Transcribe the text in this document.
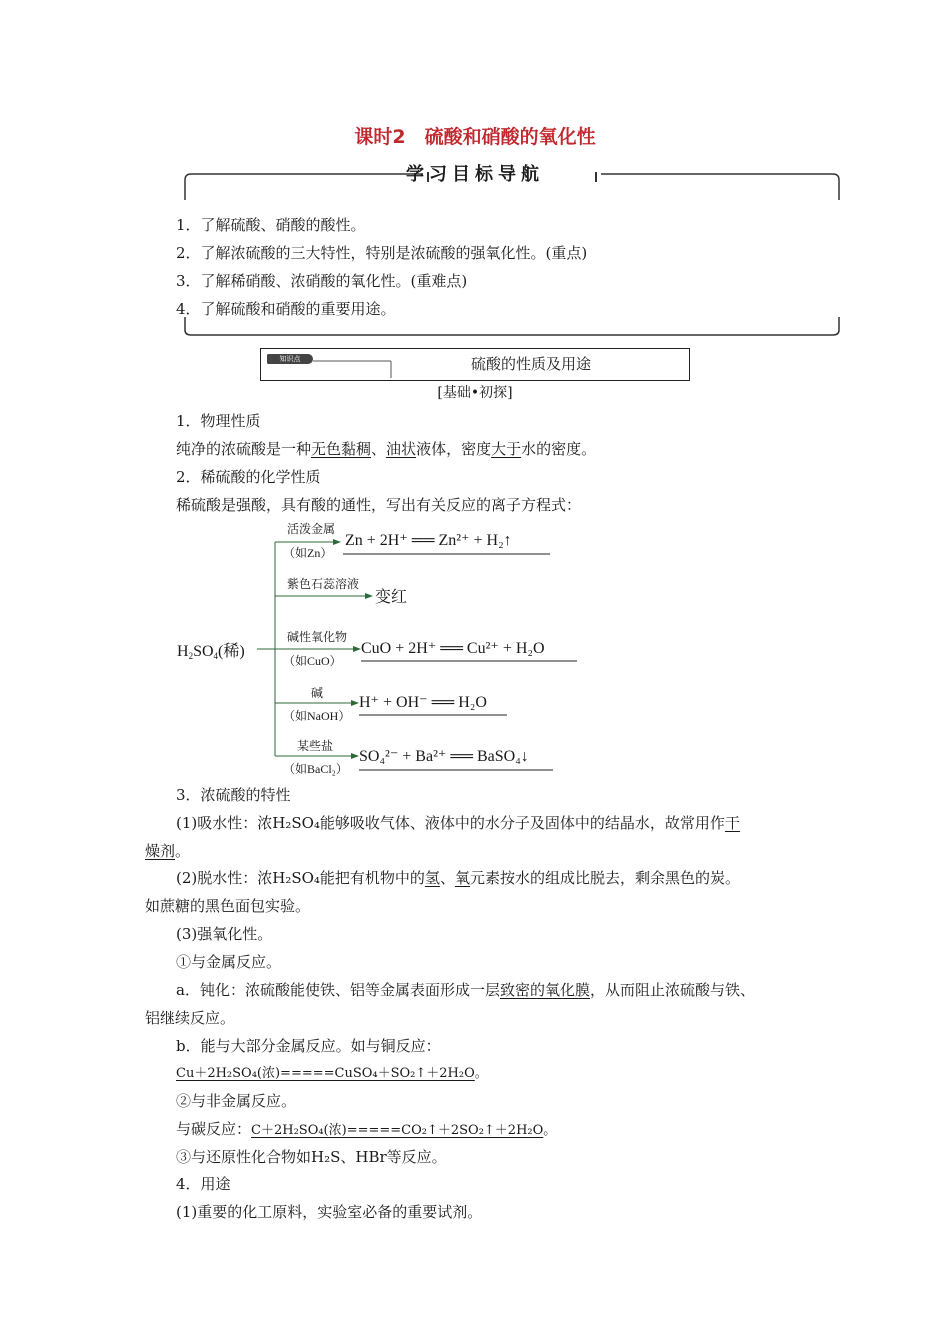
课时2　硫酸和硝酸的氧化性
学习目标导航
1．了解硫酸、硝酸的酸性。
2．了解浓硫酸的三大特性，特别是浓硫酸的强氧化性。(重点)
3．了解稀硝酸、浓硝酸的氧化性。(重难点)
4．了解硫酸和硝酸的重要用途。
知识点	硫酸的性质及用途
[基础•初探]
1．物理性质
纯净的浓硫酸是一种无色黏稠、油状液体，密度大于水的密度。
2．稀硫酸的化学性质
稀硫酸是强酸，具有酸的通性，写出有关反应的离子方程式：
$H_2SO_4$(稀)
活泼金属
（如Zn）
Zn + 2H⁺ ══ Zn²⁺ + H₂↑
紫色石蕊溶液
变红
碱性氧化物
（如CuO）
CuO + 2H⁺ ══ Cu²⁺ + H₂O
碱
（如NaOH）
H⁺ + OH⁻ ══ H₂O
某些盐
（如BaCl₂）
SO₄²⁻ + Ba²⁺ ══ BaSO₄↓
3．浓硫酸的特性
(1)吸水性：浓H₂SO₄能够吸收气体、液体中的水分子及固体中的结晶水，故常用作干
燥剂。
(2)脱水性：浓H₂SO₄能把有机物中的氢、氧元素按水的组成比脱去，剩余黑色的炭。
如蔗糖的黑色面包实验。
(3)强氧化性。
①与金属反应。
a．钝化：浓硫酸能使铁、铝等金属表面形成一层致密的氧化膜，从而阻止浓硫酸与铁、
铝继续反应。
b．能与大部分金属反应。如与铜反应：
Cu＋2H₂SO₄(浓)=====CuSO₄＋SO₂↑＋2H₂O。
②与非金属反应。
与碳反应：C＋2H₂SO₄(浓)=====CO₂↑＋2SO₂↑＋2H₂O。
③与还原性化合物如H₂S、HBr等反应。
4．用途
(1)重要的化工原料，实验室必备的重要试剂。
